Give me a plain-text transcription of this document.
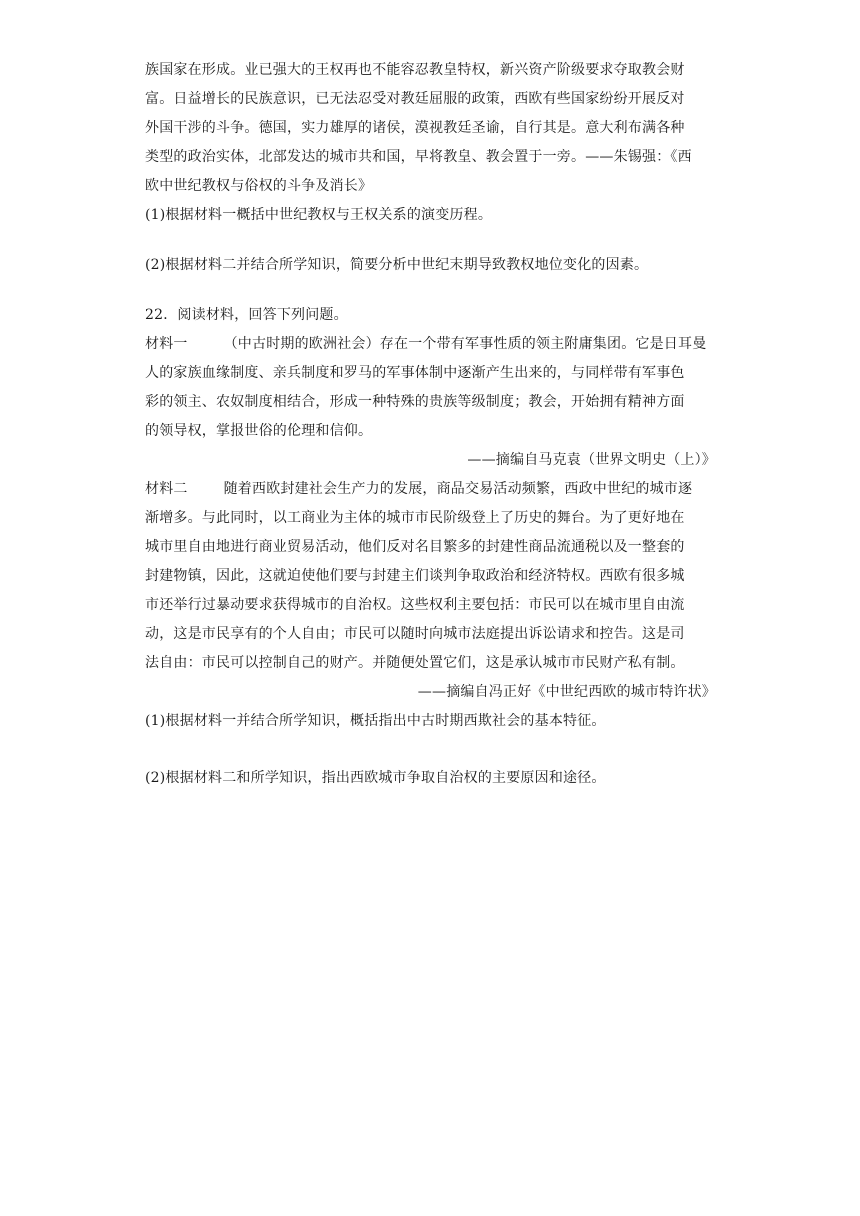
族国家在形成。业已强大的王权再也不能容忍教皇特权，新兴资产阶级要求夺取教会财
富。日益增长的民族意识，已无法忍受对教廷屈服的政策，西欧有些国家纷纷开展反对
外国干涉的斗争。德国，实力雄厚的诸侯，漠视教廷圣谕，自行其是。意大利布满各种
类型的政治实体，北部发达的城市共和国，早将教皇、教会置于一旁。——朱锡强：《西
欧中世纪教权与俗权的斗争及消长》
(1)根据材料一概括中世纪教权与王权关系的演变历程。
(2)根据材料二并结合所学知识，简要分析中世纪末期导致教权地位变化的因素。
22．阅读材料，回答下列问题。
材料一	（中古时期的欧洲社会）存在一个带有军事性质的领主附庸集团。它是日耳曼
人的家族血缘制度、亲兵制度和罗马的军事体制中逐渐产生出来的，与同样带有军事色
彩的领主、农奴制度相结合，形成一种特殊的贵族等级制度；教会，开始拥有精神方面
的领导权，掌报世俗的伦理和信仰。
——摘编自马克袁（世界文明史（上）》
材料二	随着西欧封建社会生产力的发展，商品交易活动频繁，西政中世纪的城市逐
渐增多。与此同时，以工商业为主体的城市市民阶级登上了历史的舞台。为了更好地在
城市里自由地进行商业贸易活动，他们反对名目繁多的封建性商品流通税以及一整套的
封建物镇，因此，这就迫使他们要与封建主们谈判争取政治和经济特权。西欧有很多城
市还举行过暴动要求获得城市的自治权。这些权利主要包括：市民可以在城市里自由流
动，这是市民享有的个人自由；市民可以随时向城市法庭提出诉讼请求和控告。这是司
法自由：市民可以控制自己的财产。并随便处置它们，这是承认城市市民财产私有制。
——摘编自冯正好《中世纪西欧的城市特许状》
(1)根据材料一并结合所学知识，概括指出中古时期西欺社会的基本特征。
(2)根据材料二和所学知识，指出西欧城市争取自治权的主要原因和途径。
